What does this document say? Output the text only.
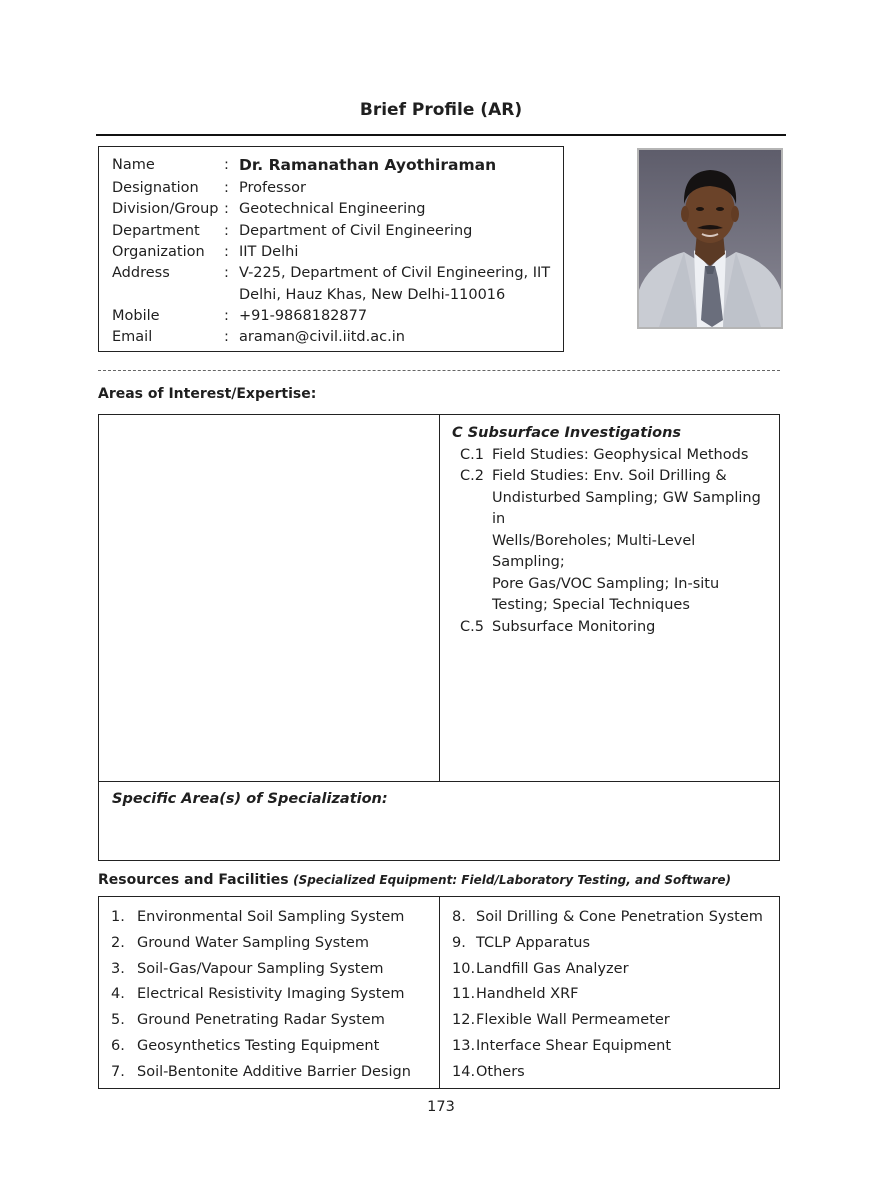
Brief Profile (AR)
Name	: Dr. Ramanathan Ayothiraman
Designation : Professor
Division/Group : Geotechnical Engineering
Department : Department of Civil Engineering
Organization : IIT Delhi
Address	: V-225, Department of Civil Engineering, IIT
Delhi, Hauz Khas, New Delhi-110016
Mobile	: +91-9868182877
Email	: araman@civil.iitd.ac.in
Areas of Interest/Expertise:
C Subsurface Investigations
C.1 Field Studies: Geophysical Methods
C.2 Field Studies: Env. Soil Drilling &
Undisturbed Sampling; GW Sampling in
Wells/Boreholes; Multi-Level Sampling;
Pore Gas/VOC Sampling; In-situ
Testing; Special Techniques
C.5 Subsurface Monitoring
Specific Area(s) of Specialization:
Resources and Facilities (Specialized Equipment: Field/Laboratory Testing, and Software)
1. Environmental Soil Sampling System
2. Ground Water Sampling System
3. Soil-Gas/Vapour Sampling System
4. Electrical Resistivity Imaging System
5. Ground Penetrating Radar System
6. Geosynthetics Testing Equipment
7. Soil-Bentonite Additive Barrier Design
8. Soil Drilling & Cone Penetration System
9. TCLP Apparatus
10.Landfill Gas Analyzer
11.Handheld XRF
12.Flexible Wall Permeameter
13.Interface Shear Equipment
14.Others
173
